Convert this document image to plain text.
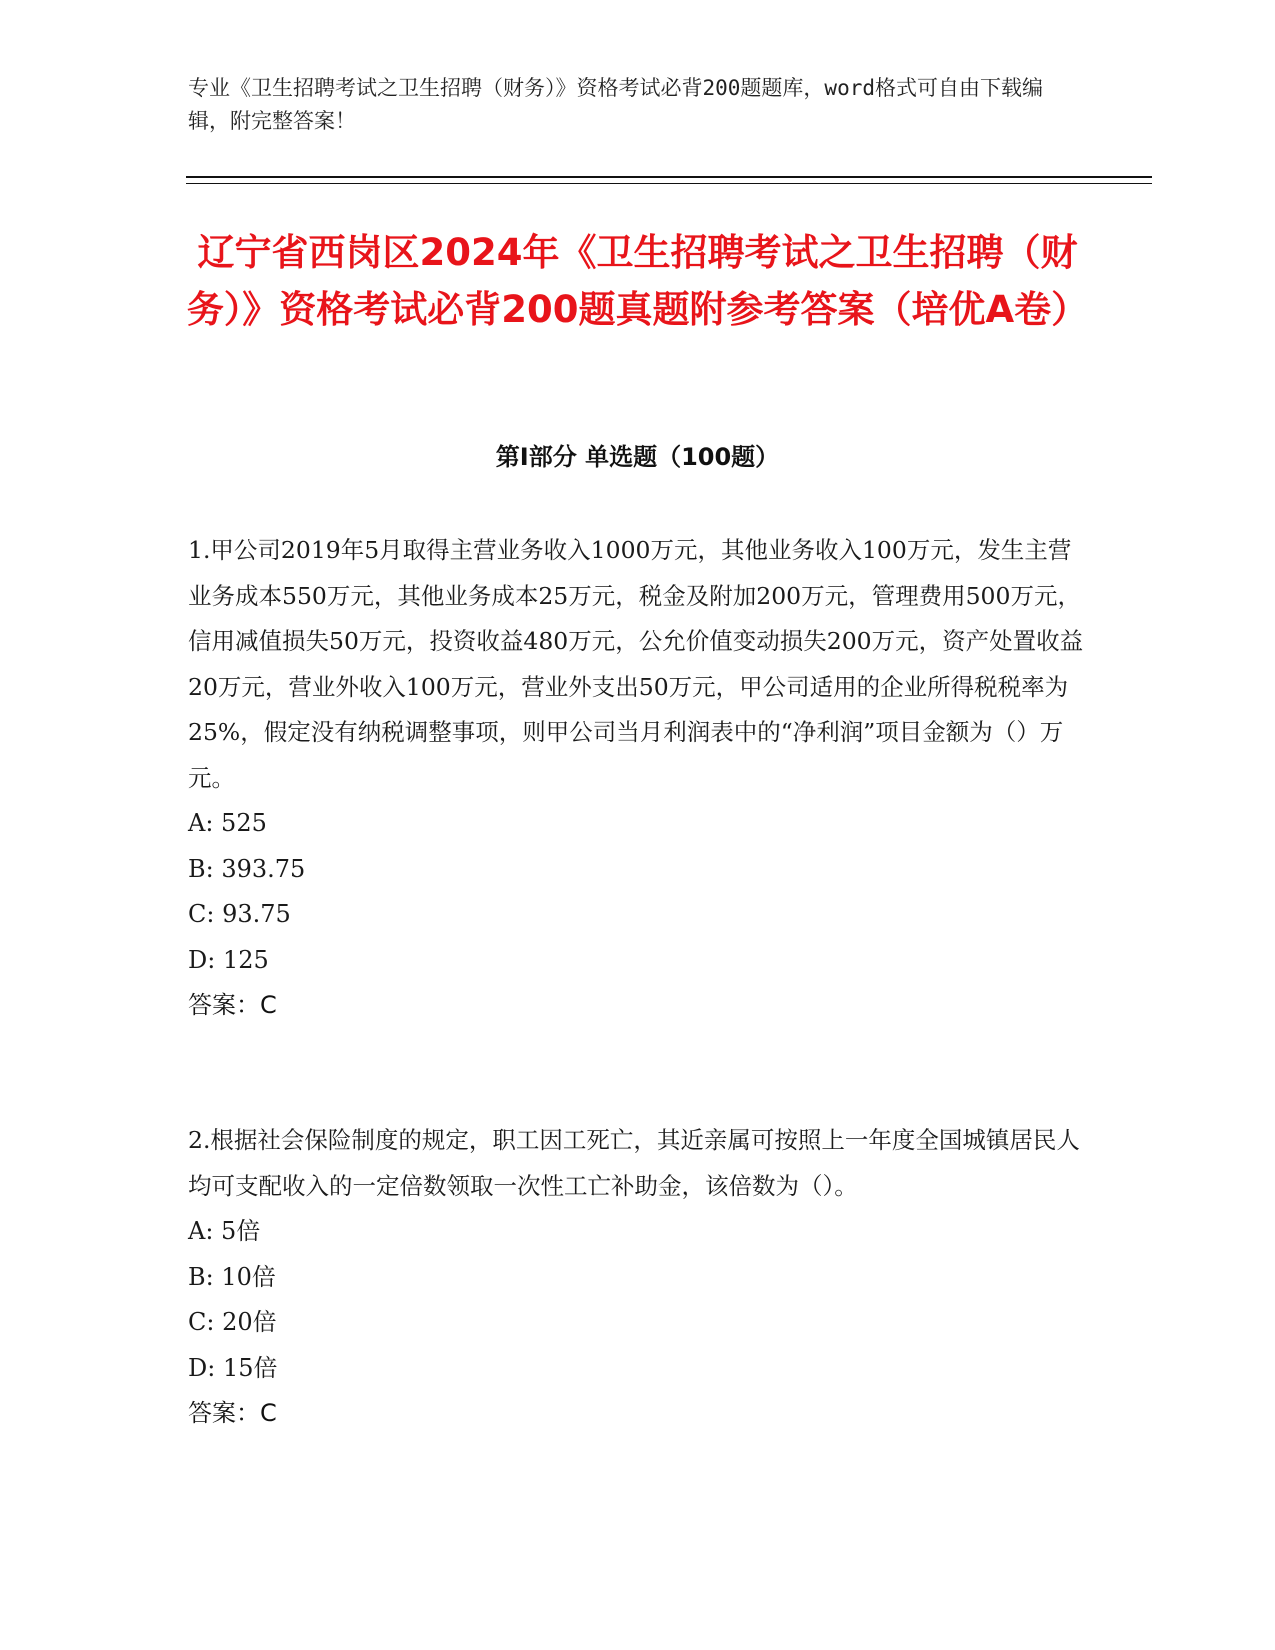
专业《卫生招聘考试之卫生招聘（财务）》资格考试必背200题题库，word格式可自由下载编辑，附完整答案！
辽宁省西岗区2024年《卫生招聘考试之卫生招聘（财务）》资格考试必背200题真题附参考答案（培优A卷）
第Ⅰ部分 单选题（100题）

1.甲公司2019年5月取得主营业务收入1000万元，其他业务收入100万元，发生主营业务成本550万元，其他业务成本25万元，税金及附加200万元，管理费用500万元，信用减值损失50万元，投资收益480万元，公允价值变动损失200万元，资产处置收益20万元，营业外收入100万元，营业外支出50万元，甲公司适用的企业所得税税率为25%，假定没有纳税调整事项，则甲公司当月利润表中的“净利润”项目金额为（）万元。

A: 525

B: 393.75

C: 93.75

D: 125

答案：C

2.根据社会保险制度的规定，职工因工死亡，其近亲属可按照上一年度全国城镇居民人均可支配收入的一定倍数领取一次性工亡补助金，该倍数为（）。

A: 5倍

B: 10倍

C: 20倍

D: 15倍

答案：C
